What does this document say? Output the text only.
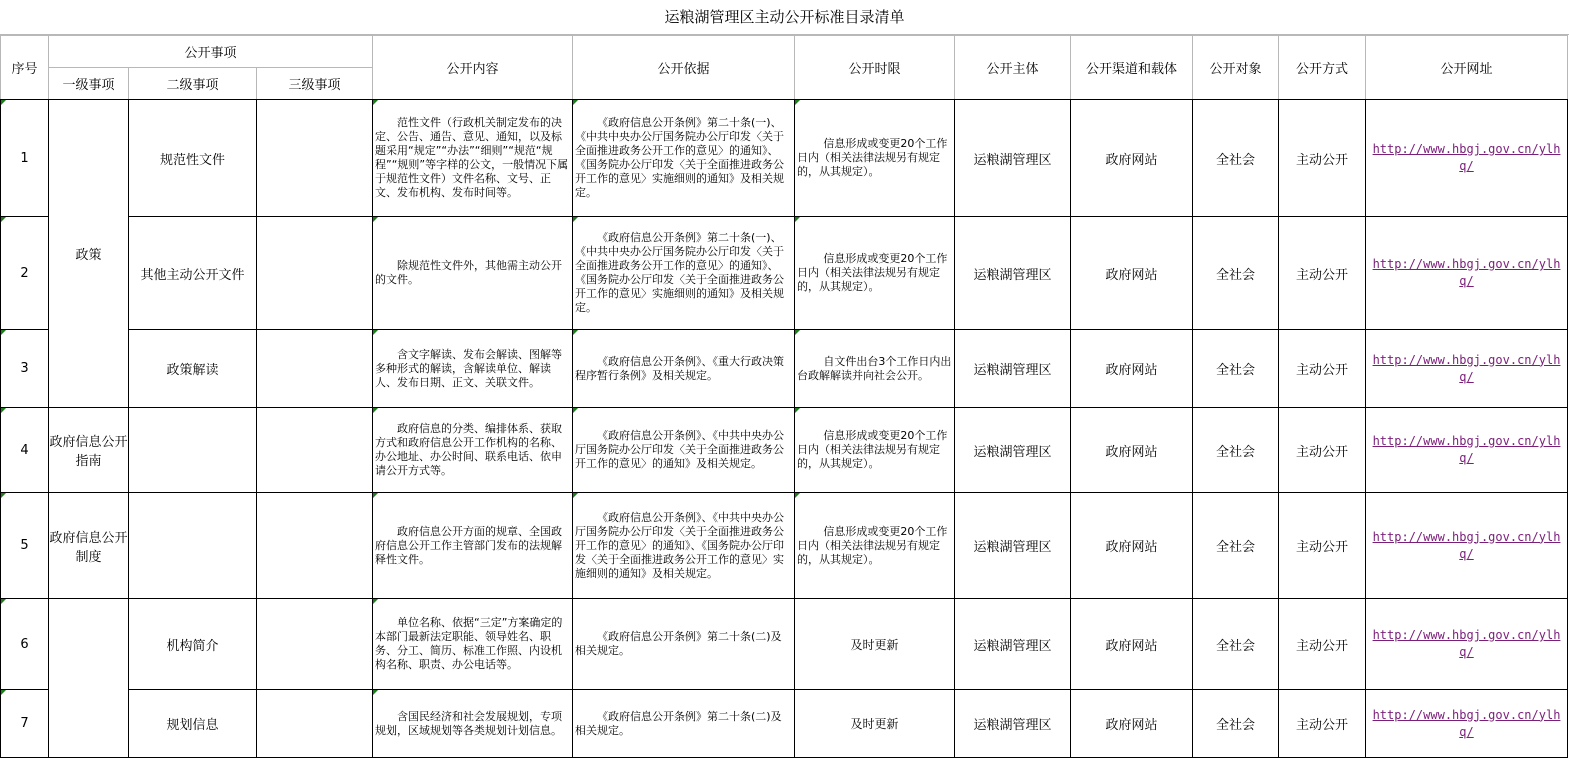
运粮湖管理区主动公开标准目录清单
序号	公开事项			公开内容	公开依据	公开时限	公开主体	公开渠道和载体	公开对象	公开方式	公开网址
	一级事项	二级事项	三级事项								
1	政策	规范性文件		范性文件（行政机关制定发布的决定、公告、通告、意见、通知，以及标题采用“规定”“办法”“细则”“规范“规程”“规则”等字样的公文，一般情况下属于规范性文件）文件名称、文号、正文、发布机构、发布时间等。	《政府信息公开条例》第二十条(一)、《中共中央办公厅国务院办公厅印发〈关于全面推进政务公开工作的意见〉的通知》、《国务院办公厅印发〈关于全面推进政务公开工作的意见〉实施细则的通知》及相关规定。	信息形成或变更20个工作日内（相关法律法规另有规定的，从其规定）。	运粮湖管理区	政府网站	全社会	主动公开	http://www.hbgj.gov.cn/ylhq/
2		其他主动公开文件		除规范性文件外，其他需主动公开的文件。	《政府信息公开条例》第二十条(一)、《中共中央办公厅国务院办公厅印发〈关于全面推进政务公开工作的意见〉的通知》、《国务院办公厅印发〈关于全面推进政务公开工作的意见〉实施细则的通知》及相关规定。	信息形成或变更20个工作日内（相关法律法规另有规定的，从其规定）。	运粮湖管理区	政府网站	全社会	主动公开	http://www.hbgj.gov.cn/ylhq/
3		政策解读		含文字解读、发布会解读、图解等多种形式的解读，含解读单位、解读人、发布日期、正文、关联文件。	《政府信息公开条例》、《重大行政决策程序暂行条例》及相关规定。	自文件出台3个工作日内出台政解解读并向社会公开。	运粮湖管理区	政府网站	全社会	主动公开	http://www.hbgj.gov.cn/ylhq/
4	政府信息公开指南			政府信息的分类、编排体系、获取方式和政府信息公开工作机构的名称、办公地址、办公时间、联系电话、依申请公开方式等。	《政府信息公开条例》、《中共中央办公厅国务院办公厅印发〈关于全面推进政务公开工作的意见〉的通知》及相关规定。	信息形成或变更20个工作日内（相关法律法规另有规定的，从其规定）。	运粮湖管理区	政府网站	全社会	主动公开	http://www.hbgj.gov.cn/ylhq/
5	政府信息公开制度			政府信息公开方面的规章、全国政府信息公开工作主管部门发布的法规解释性文件。	《政府信息公开条例》、《中共中央办公厅国务院办公厅印发〈关于全面推进政务公开工作的意见〉的通知》、《国务院办公厅印发〈关于全面推进政务公开工作的意见〉实施细则的通知》及相关规定。	信息形成或变更20个工作日内（相关法律法规另有规定的，从其规定）。	运粮湖管理区	政府网站	全社会	主动公开	http://www.hbgj.gov.cn/ylhq/
6		机构简介		单位名称、依据“三定”方案确定的本部门最新法定职能、领导姓名、职务、分工、简历、标准工作照、内设机构名称、职责、办公电话等。	《政府信息公开条例》第二十条(二)及相关规定。	及时更新	运粮湖管理区	政府网站	全社会	主动公开	http://www.hbgj.gov.cn/ylhq/
7		规划信息		含国民经济和社会发展规划，专项规划，区域规划等各类规划计划信息。	《政府信息公开条例》第二十条(二)及相关规定。	及时更新	运粮湖管理区	政府网站	全社会	主动公开	http://www.hbgj.gov.cn/ylhq/
